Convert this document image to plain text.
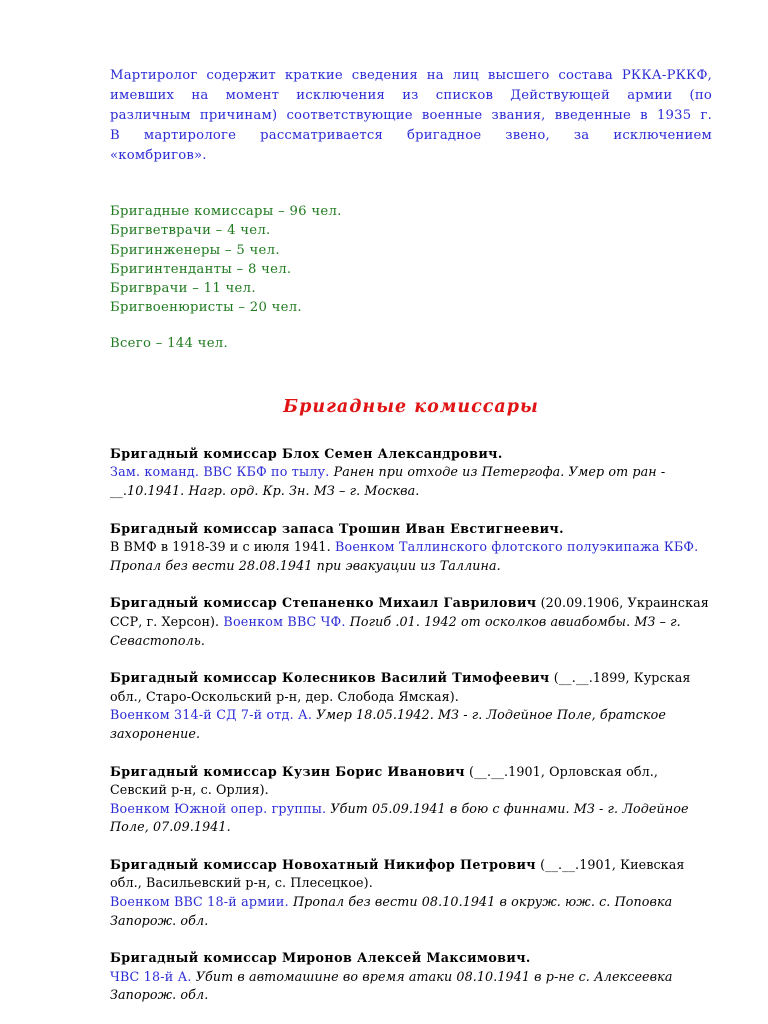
Мартиролог содержит краткие сведения на лиц высшего состава РККА-РККФ, имевших на момент исключения из списков Действующей армии (по различным причинам) соответствующие военные звания, введенные в 1935 г. В мартирологе рассматривается бригадное звено, за исключением «комбригов».

Бригадные комиссары – 96 чел.
Бригветврачи – 4 чел.
Бригинженеры – 5 чел.
Бригинтенданты – 8 чел.
Бригврачи – 11 чел.
Бригвоенюристы – 20 чел.
Всего – 144 чел.
Бригадные комиссары
Бригадный комиссар Блох Семен Александрович.
Зам. команд. ВВС КБФ по тылу. Ранен при отходе из Петергофа. Умер от ран -__.10.1941. Нагр. орд. Кр. Зн. МЗ – г. Москва.
Бригадный комиссар запаса Трошин Иван Евстигнеевич.
В ВМФ в 1918-39 и с июля 1941. Военком Таллинского флотского полуэкипажа КБФ. Пропал без вести 28.08.1941 при эвакуации из Таллина.
Бригадный комиссар Степаненко Михаил Гаврилович (20.09.1906, Украинская ССР, г. Херсон). Военком ВВС ЧФ. Погиб .01. 1942 от осколков авиабомбы. МЗ – г. Севастополь.
Бригадный комиссар Колесников Василий Тимофеевич (__.__.1899, Курская обл., Старо-Оскольский р-н, дер. Слобода Ямская).
Военком 314-й СД 7-й отд. А. Умер 18.05.1942. МЗ - г. Лодейное Поле, братское захоронение.
Бригадный комиссар Кузин Борис Иванович (__.__.1901, Орловская обл., Севский р-н, с. Орлия).
Военком Южной опер. группы. Убит 05.09.1941 в бою с финнами. МЗ - г. Лодейное Поле, 07.09.1941.
Бригадный комиссар Новохатный Никифор Петрович (__.__.1901, Киевская обл., Васильевский р-н, с. Плесецкое).
Военком ВВС 18-й армии. Пропал без вести 08.10.1941 в окруж. юж. с. Поповка Запорож. обл.
Бригадный комиссар Миронов Алексей Максимович.
ЧВС 18-й А. Убит в автомашине во время атаки 08.10.1941 в р-не с. Алексеевка Запорож. обл.
